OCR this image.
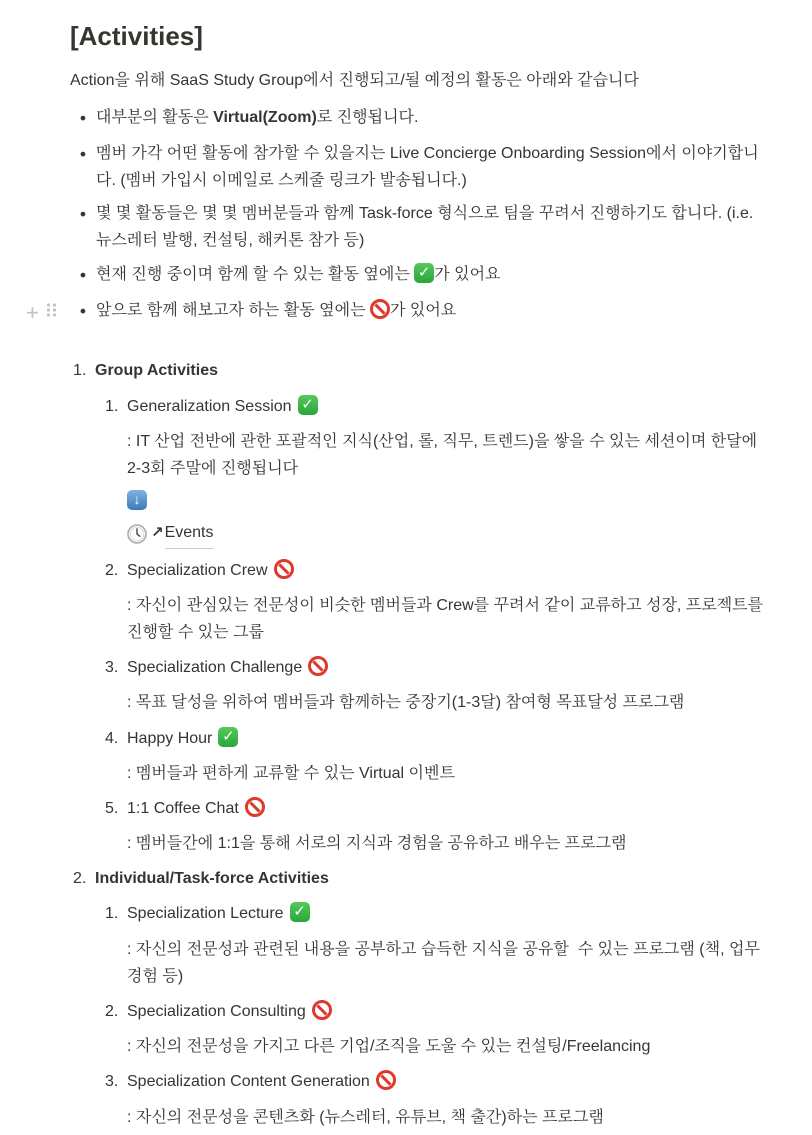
+
[Activities]

Action을 위해 SaaS Study Group에서 진행되고/될 예정의 활동은 아래와 같습니다

•
대부분의 활동은 Virtual(Zoom)로 진행됩니다.
•
멤버 가각 어떤 활동에 참가할 수 있을지는 Live Concierge Onboarding Session에서 이야기합니다. (멤버 가입시 이메일로 스케줄 링크가 발송됩니다.)
•
몇 몇 활동들은 몇 몇 멤버분들과 함께 Task-force 형식으로 팀을 꾸려서 진행하기도 합니다. (i.e. 뉴스레터 발행, 컨설팅, 해커톤 참가 등)
•
현재 진행 중이며 함께 할 수 있는 활동 옆에는 ✓가 있어요
•
앞으로 함께 해보고자 하는 활동 옆에는 가 있어요
1. Group Activities
1. Generalization Session✓
: IT 산업 전반에 관한 포괄적인 지식(산업, 롤, 직무, 트렌드)을 쌓을 수 있는 세션이며 한달에 2-3회 주말에 진행됩니다
↓
↗ Events
2. Specialization Crew
: 자신이 관심있는 전문성이 비슷한 멤버들과 Crew를 꾸려서 같이 교류하고 성장, 프로젝트를 진행할 수 있는 그룹
3. Specialization Challenge
: 목표 달성을 위하여 멤버들과 함께하는 중장기(1-3달) 참여형 목표달성 프로그램
4. Happy Hour✓
: 멤버들과 편하게 교류할 수 있는 Virtual 이벤트
5. 1:1 Coffee Chat
: 멤버들간에 1:1을 통해 서로의 지식과 경험을 공유하고 배우는 프로그램
2. Individual/Task-force Activities
1. Specialization Lecture✓
: 자신의 전문성과 관련된 내용을 공부하고 습득한 지식을 공유할  수 있는 프로그램 (책, 업무 경험 등)
2. Specialization Consulting
: 자신의 전문성을 가지고 다른 기업/조직을 도울 수 있는 컨설팅/Freelancing
3. Specialization Content Generation
: 자신의 전문성을 콘텐츠화 (뉴스레터, 유튜브, 책 출간)하는 프로그램
